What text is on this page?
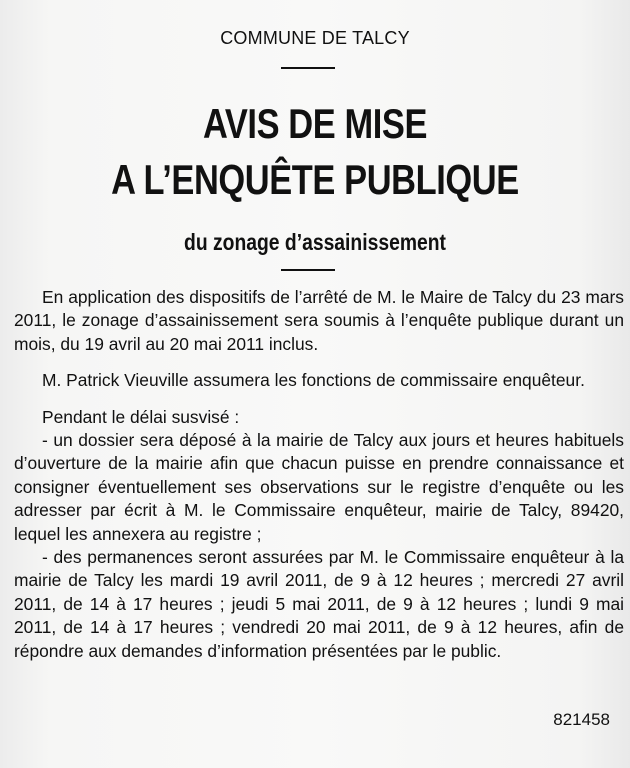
COMMUNE DE TALCY
AVIS DE MISE
A L’ENQUÊTE PUBLIQUE
du zonage d’assainissement

En application des dispositifs de l’arrêté de M. le Maire de Talcy du 23 mars 2011, le zonage d’assainissement sera soumis à l’enquête publique durant un mois, du 19 avril au 20 mai 2011 inclus.

M. Patrick Vieuville assumera les fonctions de commissaire enquêteur.

Pendant le délai susvisé :
- un dossier sera déposé à la mairie de Talcy aux jours et heures habituels d’ouverture de la mairie afin que chacun puisse en prendre connaissance et consigner éventuellement ses observations sur le registre d’enquête ou les adresser par écrit à M. le Commissaire enquêteur, mairie de Talcy, 89420, lequel les annexera au registre ;
- des permanences seront assurées par M. le Commissaire enquêteur à la mairie de Talcy les mardi 19 avril 2011, de 9 à 12 heures ; mercredi 27 avril 2011, de 14 à 17 heures ; jeudi 5 mai 2011, de 9 à 12 heures ; lundi 9 mai 2011, de 14 à 17 heures ; vendredi 20 mai 2011, de 9 à 12 heures, afin de répondre aux demandes d’information présentées par le public.
821458
